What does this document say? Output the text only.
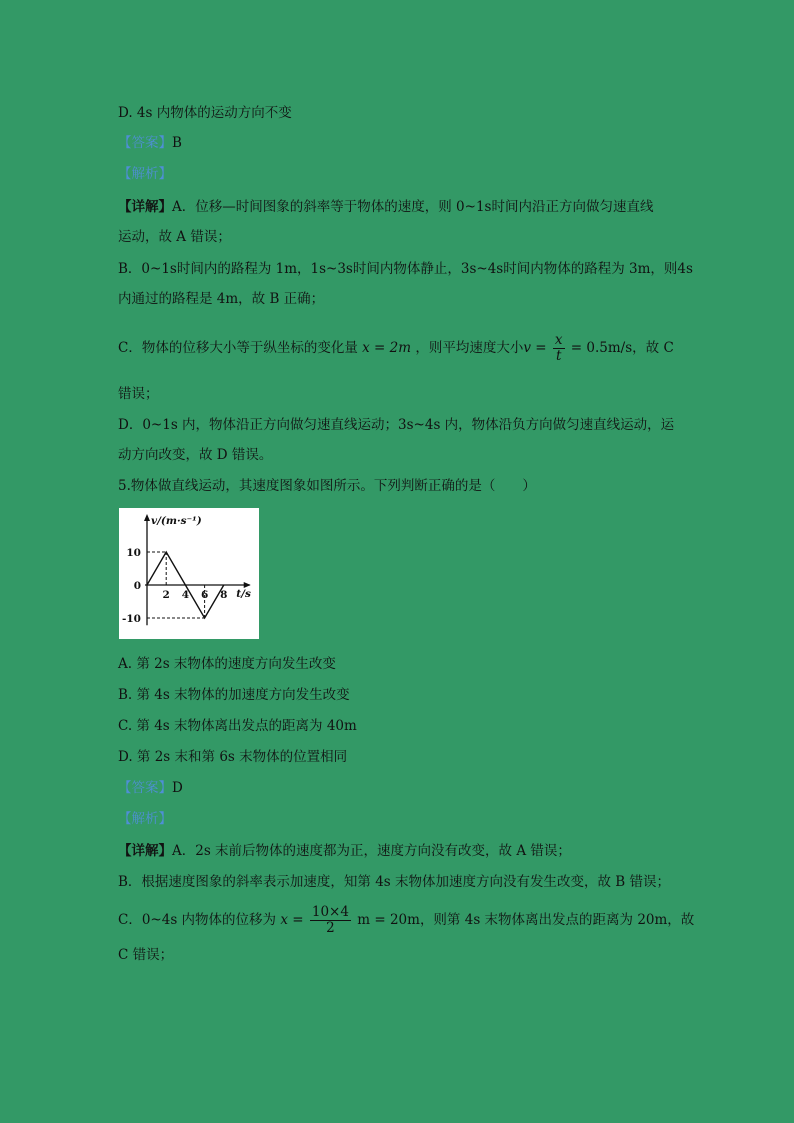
D. 4s 内物体的运动方向不变
【答案】B
【解析】
【详解】A．位移—时间图象的斜率等于物体的速度，则 0~1s时间内沿正方向做匀速直线
运动，故 A 错误；
B．0~1s时间内的路程为 1m，1s~3s时间内物体静止，3s~4s时间内物体的路程为 3m，则4s
内通过的路程是 4m，故 B 正确；
C．物体的位移大小等于纵坐标的变化量 x = 2m ，则平均速度大小$v = \frac{x}{t} = 0.5m/s$，故 C
错误；
D．0~1s 内，物体沿正方向做匀速直线运动；3s~4s 内，物体沿负方向做匀速直线运动，运
动方向改变，故 D 错误。
5.物体做直线运动，其速度图象如图所示。下列判断正确的是（　　）
2 4 6 8
10
0
-10
v/(m·s⁻¹)
t/s
A. 第 2s 末物体的速度方向发生改变
B. 第 4s 末物体的加速度方向发生改变
C. 第 4s 末物体离出发点的距离为 40m
D. 第 2s 末和第 6s 末物体的位置相同
【答案】D
【解析】
【详解】A．2s 末前后物体的速度都为正，速度方向没有改变，故 A 错误；
B．根据速度图象的斜率表示加速度，知第 4s 末物体加速度方向没有发生改变，故 B 错误；
C．0~4s 内物体的位移为 $x = \frac{10\times 4}{2}$ m = 20m，则第 4s 末物体离出发点的距离为 20m，故
C 错误；
